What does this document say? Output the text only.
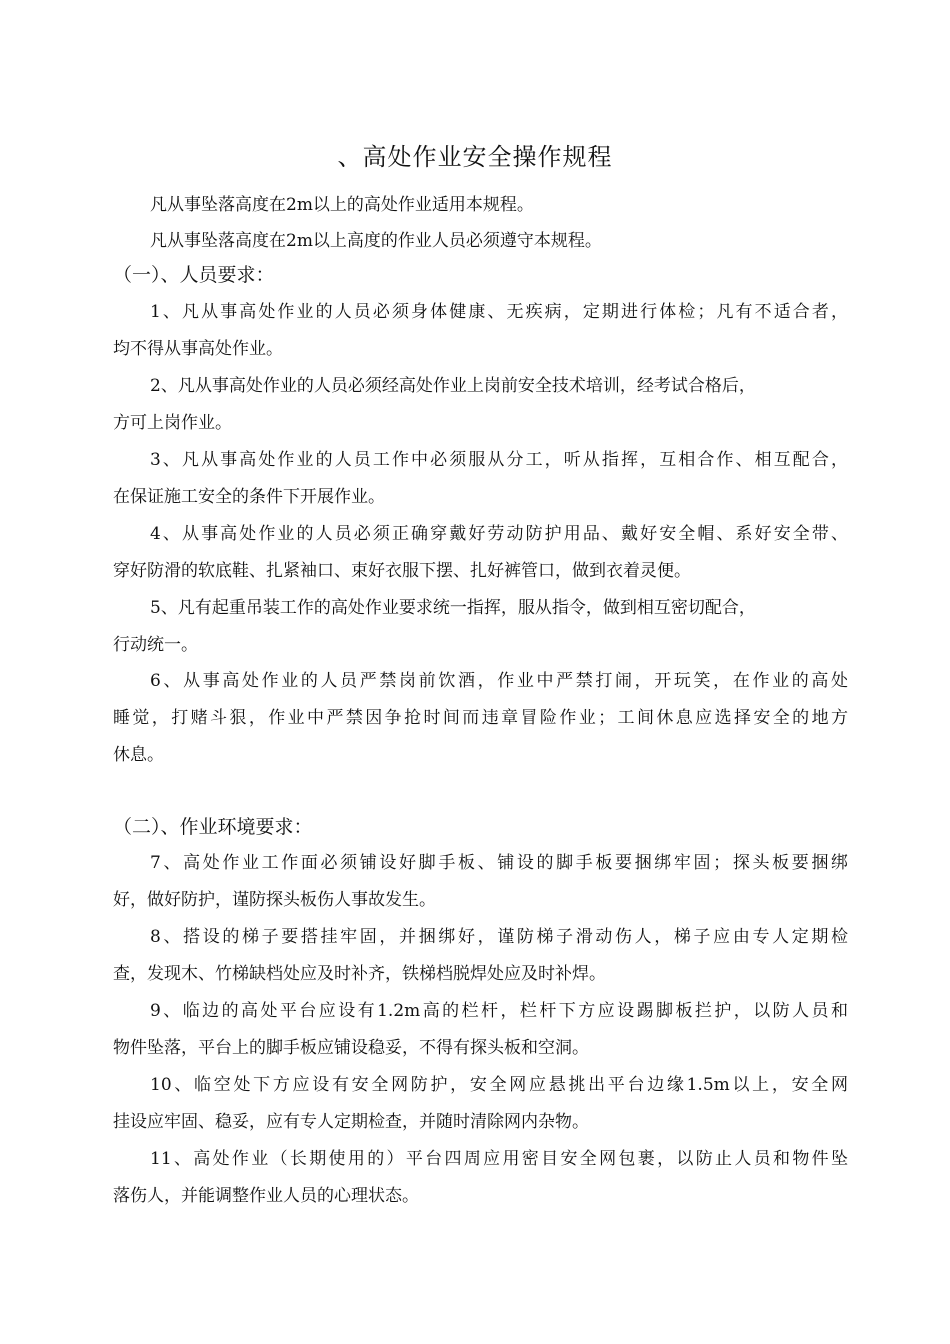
、高处作业安全操作规程
凡从事坠落高度在2m以上的高处作业适用本规程。
凡从事坠落高度在2m以上高度的作业人员必须遵守本规程。
（一）、人员要求：
1、凡从事高处作业的人员必须身体健康、无疾病，定期进行体检；凡有不适合者，
均不得从事高处作业。
2、凡从事高处作业的人员必须经高处作业上岗前安全技术培训，经考试合格后，
方可上岗作业。
3、凡从事高处作业的人员工作中必须服从分工，听从指挥，互相合作、相互配合，
在保证施工安全的条件下开展作业。
4、从事高处作业的人员必须正确穿戴好劳动防护用品、戴好安全帽、系好安全带、
穿好防滑的软底鞋、扎紧袖口、束好衣服下摆、扎好裤管口，做到衣着灵便。
5、凡有起重吊装工作的高处作业要求统一指挥，服从指令，做到相互密切配合，
行动统一。
6、从事高处作业的人员严禁岗前饮酒，作业中严禁打闹，开玩笑，在作业的高处
睡觉，打赌斗狠，作业中严禁因争抢时间而违章冒险作业；工间休息应选择安全的地方
休息。
（二）、作业环境要求：
7、高处作业工作面必须铺设好脚手板、铺设的脚手板要捆绑牢固；探头板要捆绑
好，做好防护，谨防探头板伤人事故发生。
8、搭设的梯子要搭挂牢固，并捆绑好，谨防梯子滑动伤人，梯子应由专人定期检
查，发现木、竹梯缺档处应及时补齐，铁梯档脱焊处应及时补焊。
9、临边的高处平台应设有1.2m高的栏杆，栏杆下方应设踢脚板拦护，以防人员和
物件坠落，平台上的脚手板应铺设稳妥，不得有探头板和空洞。
10、临空处下方应设有安全网防护，安全网应悬挑出平台边缘1.5m以上，安全网
挂设应牢固、稳妥，应有专人定期检查，并随时清除网内杂物。
11、高处作业（长期使用的）平台四周应用密目安全网包裹，以防止人员和物件坠
落伤人，并能调整作业人员的心理状态。
